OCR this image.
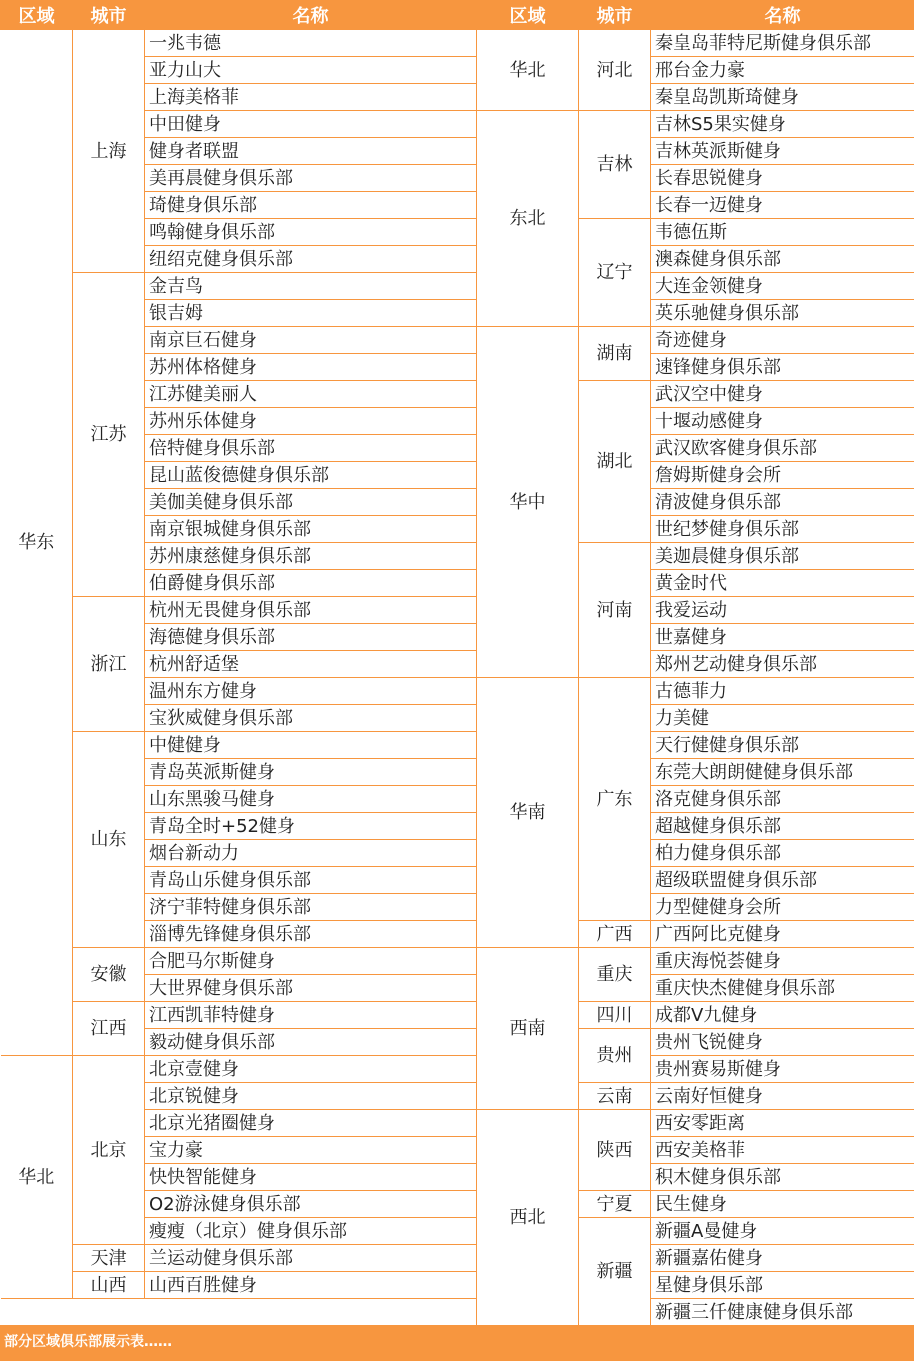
区域	城市	名称
华东	上海	一兆韦德
		亚力山大
		上海美格菲
		中田健身
		健身者联盟
		美再晨健身俱乐部
		琦健身俱乐部
		鸣翰健身俱乐部
		纽绍克健身俱乐部
	江苏	金吉鸟
		银吉姆
		南京巨石健身
		苏州体格健身
		江苏健美丽人
		苏州乐体健身
		倍特健身俱乐部
		昆山蓝俊德健身俱乐部
		美伽美健身俱乐部
		南京银城健身俱乐部
		苏州康慈健身俱乐部
		伯爵健身俱乐部
	浙江	杭州无畏健身俱乐部
		海德健身俱乐部
		杭州舒适堡
		温州东方健身
		宝狄威健身俱乐部
	山东	中健健身
		青岛英派斯健身
		山东黑骏马健身
		青岛全时+52健身
		烟台新动力
		青岛山乐健身俱乐部
		济宁菲特健身俱乐部
		淄博先锋健身俱乐部
	安徽	合肥马尔斯健身
		大世界健身俱乐部
	江西	江西凯菲特健身
		毅动健身俱乐部
华北	北京	北京壹健身
		北京锐健身
		北京光猪圈健身
		宝力豪
		快快智能健身
		O2游泳健身俱乐部
		瘦瘦（北京）健身俱乐部
	天津	兰运动健身俱乐部
	山西	山西百胜健身
区域	城市	名称
华北	河北	秦皇岛菲特尼斯健身俱乐部
		邢台金力豪
		秦皇岛凯斯琦健身
东北	吉林	吉林S5果实健身
		吉林英派斯健身
		长春思锐健身
		长春一迈健身
	辽宁	韦德伍斯
		澳森健身俱乐部
		大连金领健身
		英乐驰健身俱乐部
华中	湖南	奇迹健身
		速锋健身俱乐部
	湖北	武汉空中健身
		十堰动感健身
		武汉欧客健身俱乐部
		詹姆斯健身会所
		清波健身俱乐部
		世纪梦健身俱乐部
	河南	美迦晨健身俱乐部
		黄金时代
		我爱运动
		世嘉健身
		郑州艺动健身俱乐部
华南	广东	古德菲力
		力美健
		天行健健身俱乐部
		东莞大朗朗健健身俱乐部
		洛克健身俱乐部
		超越健身俱乐部
		柏力健身俱乐部
		超级联盟健身俱乐部
		力型健健身会所
	广西	广西阿比克健身
西南	重庆	重庆海悦荟健身
		重庆快杰健健身俱乐部
	四川	成都V九健身
	贵州	贵州飞锐健身
		贵州赛易斯健身
	云南	云南好恒健身
西北	陕西	西安零距离
		西安美格菲
		积木健身俱乐部
	宁夏	民生健身
	新疆	新疆A曼健身
		新疆嘉佑健身
		星健身俱乐部
		新疆三仟健康健身俱乐部
部分区域俱乐部展示表……
